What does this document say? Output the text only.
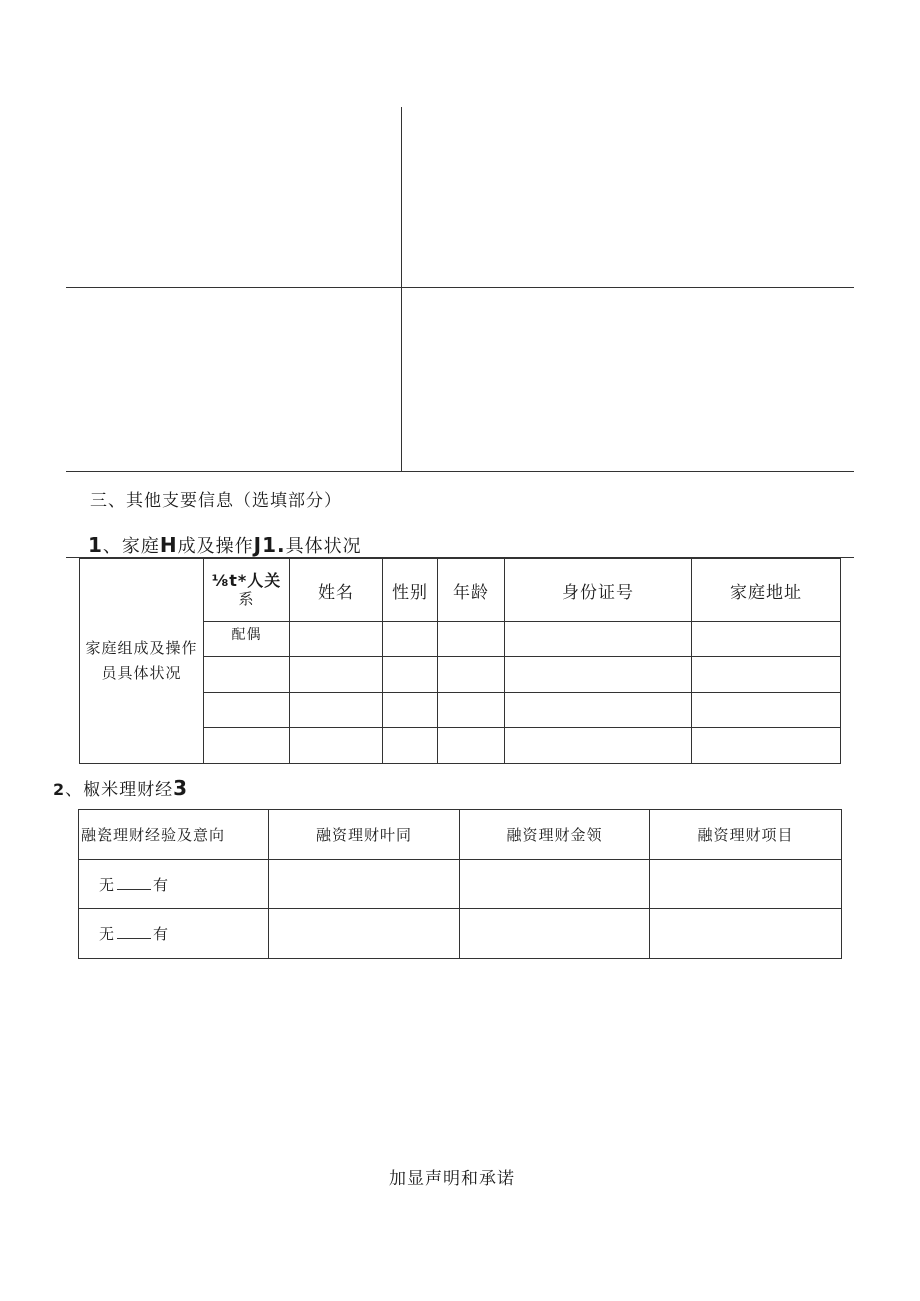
三、其他支要信息（选填部分）
1、家庭H成及操作J1.具体状况
家庭组成及操作员具体状况	⅛t*人关
系	姓名	性别	年龄	身份证号	家庭地址
	配偶					

2、椒米理财经3
融瓷理财经验及意向	融资理财叶同	融资理财金领	融资理财项目
无 有			
无 有			
加显声明和承诺
